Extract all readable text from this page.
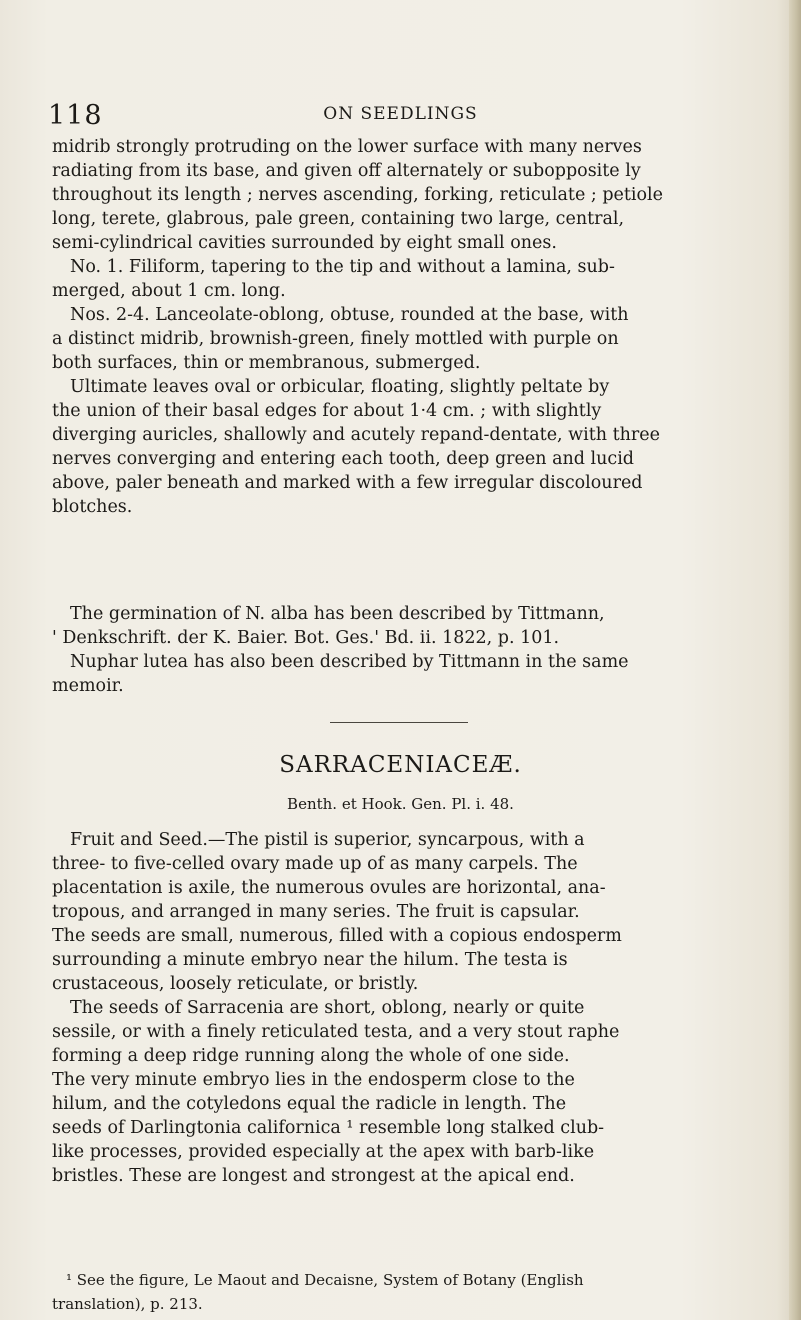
118	ON SEEDLINGS
midrib strongly protruding on the lower surface with many nerves
radiating from its base, and given off alternately or subopposite ly
throughout its length ; nerves ascending, forking, reticulate ; petiole
long, terete, glabrous, pale green, containing two large, central,
semi-cylindrical cavities surrounded by eight small ones.
No. 1. Filiform, tapering to the tip and without a lamina, sub-
merged, about 1 cm. long.
Nos. 2-4. Lanceolate-oblong, obtuse, rounded at the base, with
a distinct midrib, brownish-green, finely mottled with purple on
both surfaces, thin or membranous, submerged.
Ultimate leaves oval or orbicular, floating, slightly peltate by
the union of their basal edges for about 1·4 cm. ; with slightly
diverging auricles, shallowly and acutely repand-dentate, with three
nerves converging and entering each tooth, deep green and lucid
above, paler beneath and marked with a few irregular discoloured
blotches.
The germination of N. alba has been described by Tittmann,
' Denkschrift. der K. Baier. Bot. Ges.' Bd. ii. 1822, p. 101.
Nuphar lutea has also been described by Tittmann in the same
memoir.
SARRACENIACEÆ.
Benth. et Hook. Gen. Pl. i. 48.
Fruit and Seed.—The pistil is superior, syncarpous, with a
three- to five-celled ovary made up of as many carpels. The
placentation is axile, the numerous ovules are horizontal, ana-
tropous, and arranged in many series. The fruit is capsular.
The seeds are small, numerous, filled with a copious endosperm
surrounding a minute embryo near the hilum. The testa is
crustaceous, loosely reticulate, or bristly.
The seeds of Sarracenia are short, oblong, nearly or quite
sessile, or with a finely reticulated testa, and a very stout raphe
forming a deep ridge running along the whole of one side.
The very minute embryo lies in the endosperm close to the
hilum, and the cotyledons equal the radicle in length. The
seeds of Darlingtonia californica ¹ resemble long stalked club-
like processes, provided especially at the apex with barb-like
bristles. These are longest and strongest at the apical end.
¹ See the figure, Le Maout and Decaisne, System of Botany (English
translation), p. 213.
